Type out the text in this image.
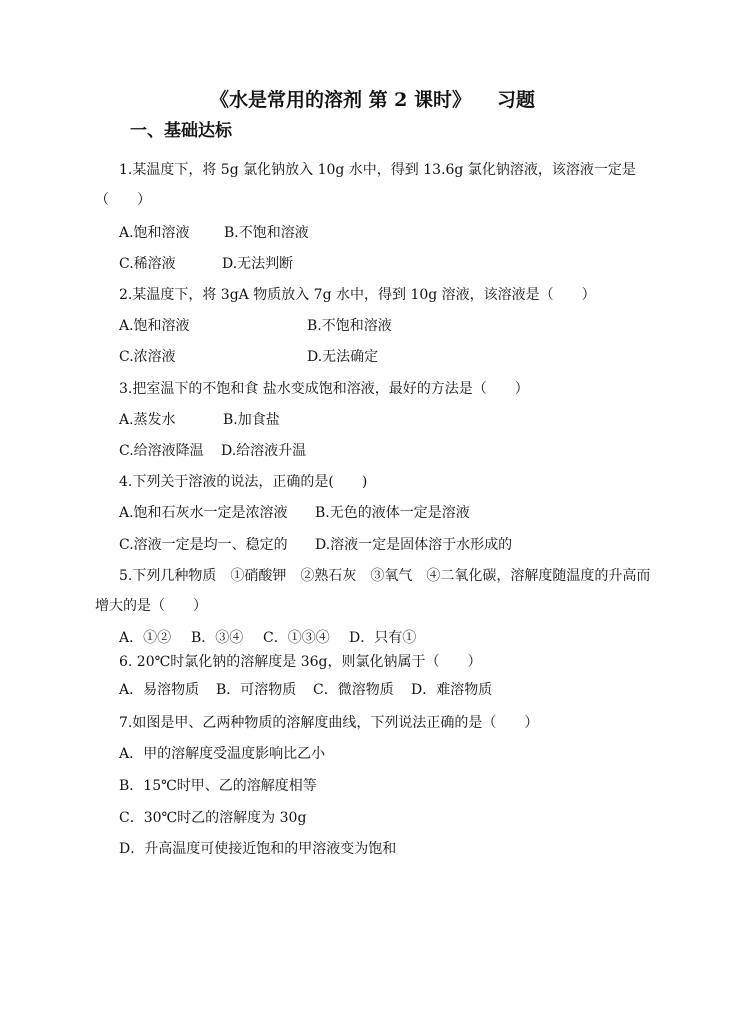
《水是常用的溶剂 第 2 课时》 习题
一、基础达标
1.某温度下，将 5g 氯化钠放入 10g 水中，得到 13.6g 氯化钠溶液，该溶液一定是
（　　）
A.饱和溶液 B.不饱和溶液
C.稀溶液	D.无法判断
2.某温度下，将 3gA 物质放入 7g 水中，得到 10g 溶液，该溶液是（　　）
A.饱和溶液	B.不饱和溶液
C.浓溶液	D.无法确定
3.把室温下的不饱和食 盐水变成饱和溶液，最好的方法是（　　）
A.蒸发水	B.加食盐
C.给溶液降温 D.给溶液升温
4.下列关于溶液的说法，正确的是(　　)
A.饱和石灰水一定是浓溶液 B.无色的液体一定是溶液
C.溶液一定是均一、稳定的 D.溶液一定是固体溶于水形成的
5.下列几种物质　①硝酸钾　②熟石灰　③氧气　④二氧化碳，溶解度随温度的升高而
增大的是（　　）
A．①② B．③④ C．①③④ D．只有①
6. 20℃时氯化钠的溶解度是 36g，则氯化钠属于（　　）
A．易溶物质 B．可溶物质 C．微溶物质 D．难溶物质
7.如图是甲、乙两种物质的溶解度曲线，下列说法正确的是（　　）
A．甲的溶解度受温度影响比乙小
B．15℃时甲、乙的溶解度相等
C．30℃时乙的溶解度为 30g
D．升高温度可使接近饱和的甲溶液变为饱和
